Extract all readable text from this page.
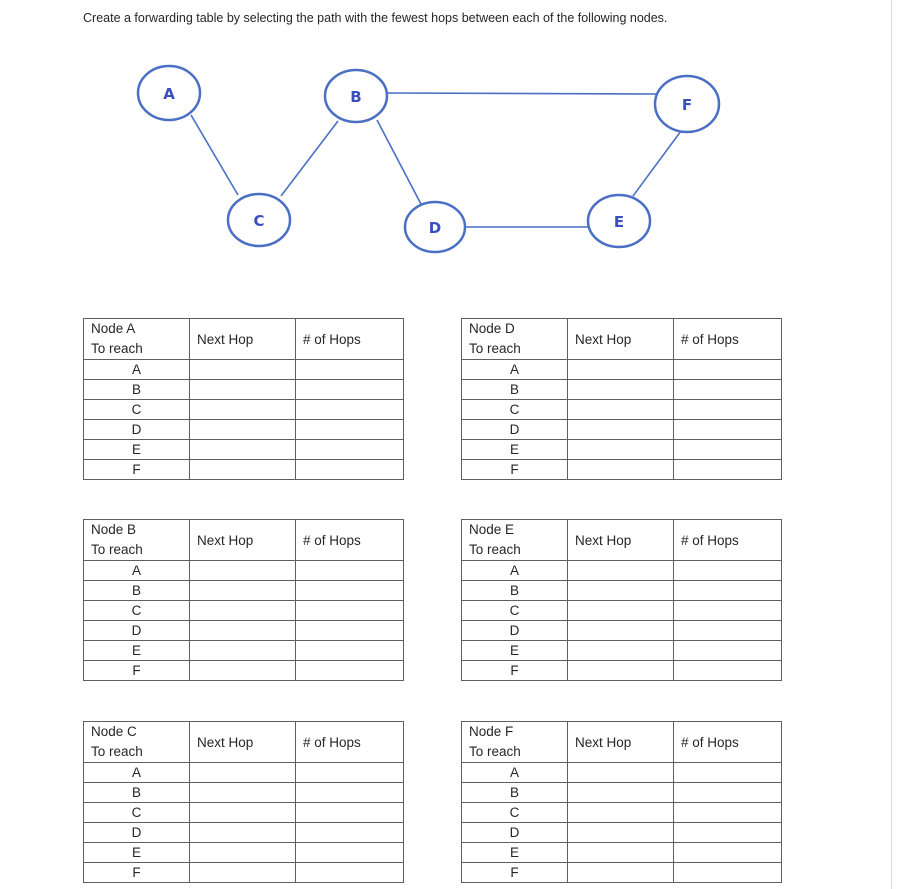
Create a forwarding table by selecting the path with the fewest hops between each of the following nodes.
A	B
C	D	E
F
Node A
To reach	Next Hop	# of Hops
A		
B		
C		
D		
E		
F		
Node D
To reach	Next Hop	# of Hops
A		
B		
C		
D		
E		
F		
Node B
To reach	Next Hop	# of Hops
A		
B		
C		
D		
E		
F		
Node E
To reach	Next Hop	# of Hops
A		
B		
C		
D		
E		
F		
Node C
To reach	Next Hop	# of Hops
A		
B		
C		
D		
E		
F		
Node F
To reach	Next Hop	# of Hops
A		
B		
C		
D		
E		
F		
